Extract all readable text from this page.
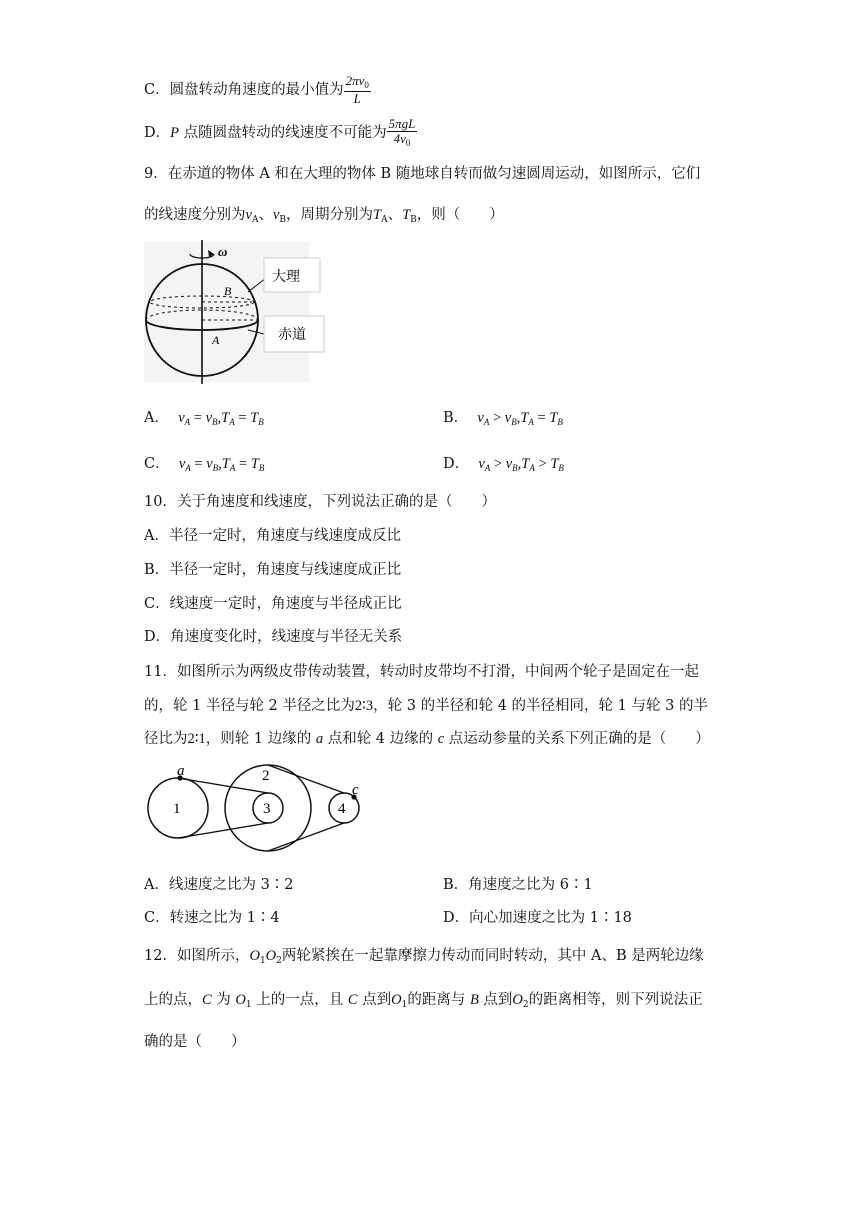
C．圆盘转动角速度的最小值为 $\frac{2\pi v_0}{L}$
D．P 点随圆盘转动的线速度不可能为 $\frac{\text{5πgL}}{4v_0}$
9．在赤道的物体 A 和在大理的物体 B 随地球自转而做匀速圆周运动，如图所示，它们
的线速度分别为$v_A$、$v_B$，周期分别为$T_A$、$T_B$，则（　　）
ω
B
A
大理
赤道
A． $v_A = v_B,T_A = T_B$	B． $v_A > v_B,T_A = T_B$
C． $v_A = v_B,T_A = T_B$	D． $v_A > v_B,T_A > T_B$
10．关于角速度和线速度，下列说法正确的是（　　）
A．半径一定时，角速度与线速度成反比
B．半径一定时，角速度与线速度成正比
C．线速度一定时，角速度与半径成正比
D．角速度变化时，线速度与半径无关系
11．如图所示为两级皮带传动装置，转动时皮带均不打滑，中间两个轮子是固定在一起
的，轮 1 半径与轮 2 半径之比为2∶3，轮 3 的半径和轮 4 的半径相同，轮 1 与轮 3 的半
径比为2∶1，则轮 1 边缘的 a 点和轮 4 边缘的 c 点运动参量的关系下列正确的是（　　）
a
c
1
2
3	4
A．线速度之比为 3∶2	B．角速度之比为 6∶1
C．转速之比为 1∶4	D．向心加速度之比为 1∶18
12．如图所示，$O_1O_2$两轮紧挨在一起靠摩擦力传动而同时转动，其中 A、B 是两轮边缘
上的点，C 为 $O_1$ 上的一点，且 C 点到$O_1$的距离与 B 点到$O_2$的距离相等，则下列说法正
确的是（　　）
